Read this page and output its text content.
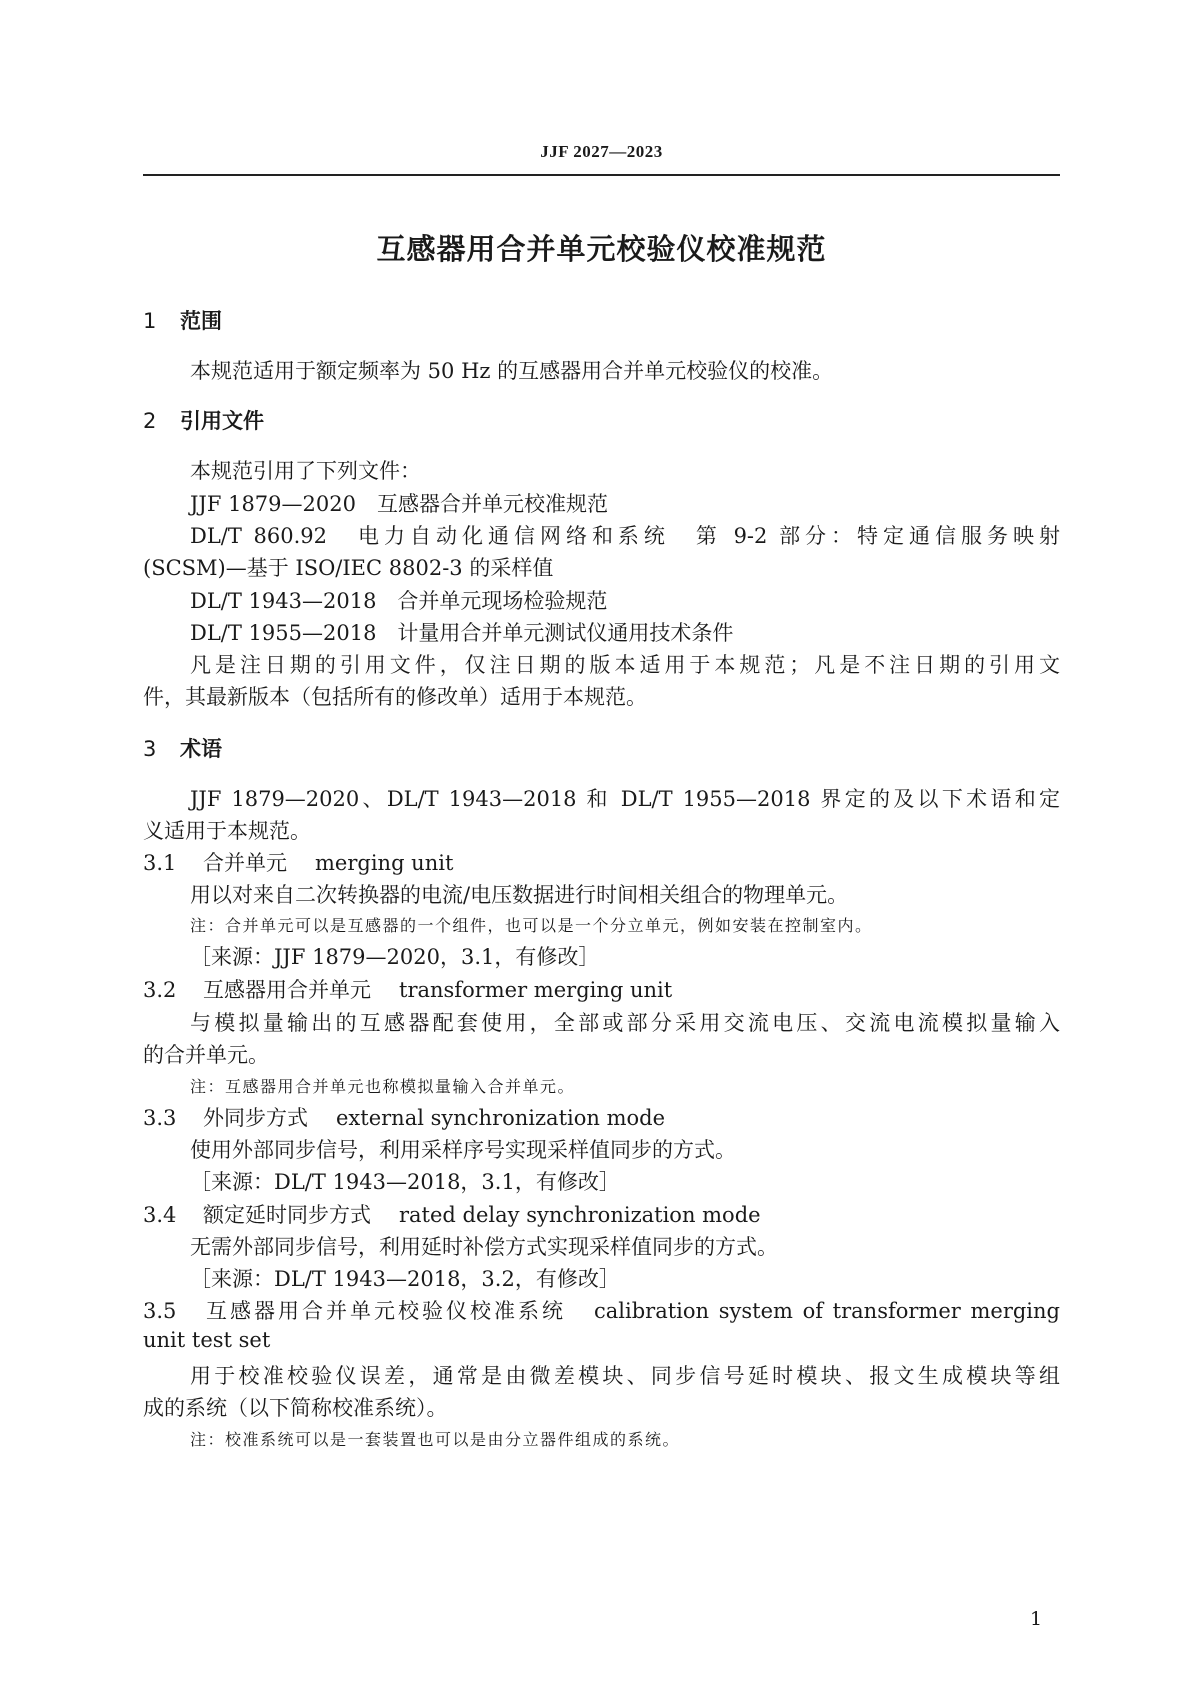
JJF 2027—2023
互感器用合并单元校验仪校准规范
1 范围
本规范适用于额定频率为 50 Hz 的互感器用合并单元校验仪的校准。
2 引用文件
本规范引用了下列文件：
JJF 1879—2020　互感器合并单元校准规范
DL/T 860.92　电力自动化通信网络和系统　第 9-2 部分：特定通信服务映射
(SCSM)—基于 ISO/IEC 8802-3 的采样值
DL/T 1943—2018　合并单元现场检验规范
DL/T 1955—2018　计量用合并单元测试仪通用技术条件
凡是注日期的引用文件，仅注日期的版本适用于本规范；凡是不注日期的引用文
件，其最新版本（包括所有的修改单）适用于本规范。
3 术语
JJF 1879—2020、DL/T 1943—2018 和 DL/T 1955—2018 界定的及以下术语和定
义适用于本规范。
3.1 合并单元 merging unit
用以对来自二次转换器的电流/电压数据进行时间相关组合的物理单元。
注：合并单元可以是互感器的一个组件，也可以是一个分立单元，例如安装在控制室内。
［来源：JJF 1879—2020，3.1，有修改］
3.2 互感器用合并单元 transformer merging unit
与模拟量输出的互感器配套使用，全部或部分采用交流电压、交流电流模拟量输入
的合并单元。
注：互感器用合并单元也称模拟量输入合并单元。
3.3 外同步方式 external synchronization mode
使用外部同步信号，利用采样序号实现采样值同步的方式。
［来源：DL/T 1943—2018，3.1，有修改］
3.4 额定延时同步方式 rated delay synchronization mode
无需外部同步信号，利用延时补偿方式实现采样值同步的方式。
［来源：DL/T 1943—2018，3.2，有修改］
3.5 互感器用合并单元校验仪校准系统 calibration system of transformer merging
unit test set
用于校准校验仪误差，通常是由微差模块、同步信号延时模块、报文生成模块等组
成的系统（以下简称校准系统）。
注：校准系统可以是一套装置也可以是由分立器件组成的系统。
1
